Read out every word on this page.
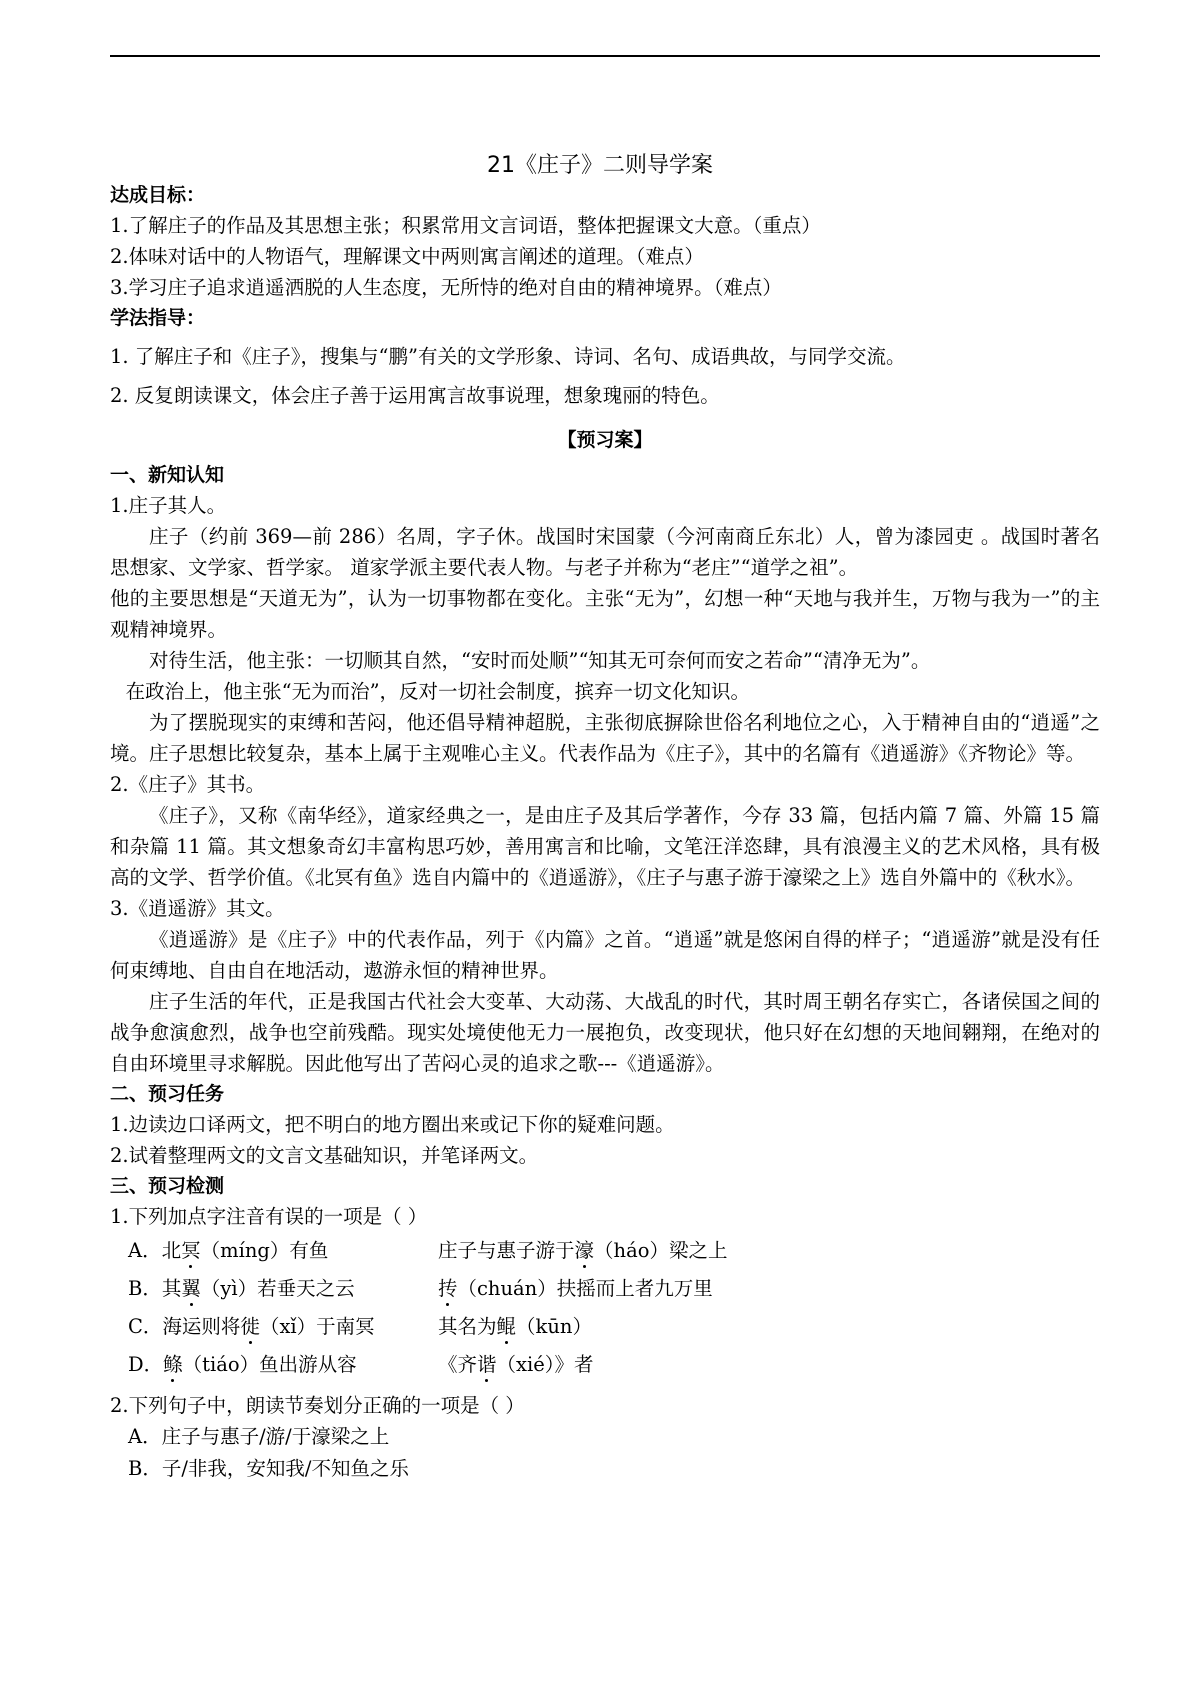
21《庄子》二则导学案
达成目标：
1.了解庄子的作品及其思想主张；积累常用文言词语，整体把握课文大意。（重点）
2.体味对话中的人物语气，理解课文中两则寓言阐述的道理。（难点）
3.学习庄子追求逍遥洒脱的人生态度，无所恃的绝对自由的精神境界。（难点）
学法指导：
1. 了解庄子和《庄子》，搜集与“鹏”有关的文学形象、诗词、名句、成语典故，与同学交流。
2. 反复朗读课文，体会庄子善于运用寓言故事说理，想象瑰丽的特色。
【预习案】
一、新知认知
1.庄子其人。
庄子（约前 369—前 286）名周，字子休。战国时宋国蒙（今河南商丘东北）人，曾为漆园吏 。战国时著名思想家、文学家、哲学家。 道家学派主要代表人物。与老子并称为“老庄”“道学之祖”。
他的主要思想是“天道无为”，认为一切事物都在变化。主张“无为”，幻想一种“天地与我并生，万物与我为一”的主观精神境界。
对待生活，他主张：一切顺其自然，“安时而处顺”“知其无可奈何而安之若命”“清净无为”。
在政治上，他主张“无为而治”，反对一切社会制度，摈弃一切文化知识。
为了摆脱现实的束缚和苦闷，他还倡导精神超脱，主张彻底摒除世俗名利地位之心，入于精神自由的“逍遥”之境。庄子思想比较复杂，基本上属于主观唯心主义。代表作品为《庄子》，其中的名篇有《逍遥游》《齐物论》等。
2.《庄子》其书。
《庄子》，又称《南华经》，道家经典之一，是由庄子及其后学著作，今存 33 篇，包括内篇 7 篇、外篇 15 篇和杂篇 11 篇。其文想象奇幻丰富构思巧妙，善用寓言和比喻，文笔汪洋恣肆，具有浪漫主义的艺术风格，具有极高的文学、哲学价值。《北冥有鱼》选自内篇中的《逍遥游》，《庄子与惠子游于濠梁之上》选自外篇中的《秋水》。
3.《逍遥游》其文。
《逍遥游》是《庄子》中的代表作品，列于《内篇》之首。“逍遥”就是悠闲自得的样子；“逍遥游”就是没有任何束缚地、自由自在地活动，遨游永恒的精神世界。
庄子生活的年代，正是我国古代社会大变革、大动荡、大战乱的时代，其时周王朝名存实亡，各诸侯国之间的战争愈演愈烈，战争也空前残酷。现实处境使他无力一展抱负，改变现状，他只好在幻想的天地间翱翔，在绝对的自由环境里寻求解脱。因此他写出了苦闷心灵的追求之歌---《逍遥游》。
二、预习任务
1.边读边口译两文，把不明白的地方圈出来或记下你的疑难问题。
2.试着整理两文的文言文基础知识，并笔译两文。
三、预习检测
1.下列加点字注音有误的一项是（ ）
A．北冥（míng）有鱼	庄子与惠子游于濠（háo）梁之上
B．其翼（yì）若垂天之云	抟（chuán）扶摇而上者九万里
C．海运则将徙（xǐ）于南冥	其名为鲲（kūn）
D．鲦（tiáo）鱼出游从容	《齐谐（xié）》者
2.下列句子中，朗读节奏划分正确的一项是（ ）
A．庄子与惠子/游/于濠梁之上
B．子/非我，安知我/不知鱼之乐
